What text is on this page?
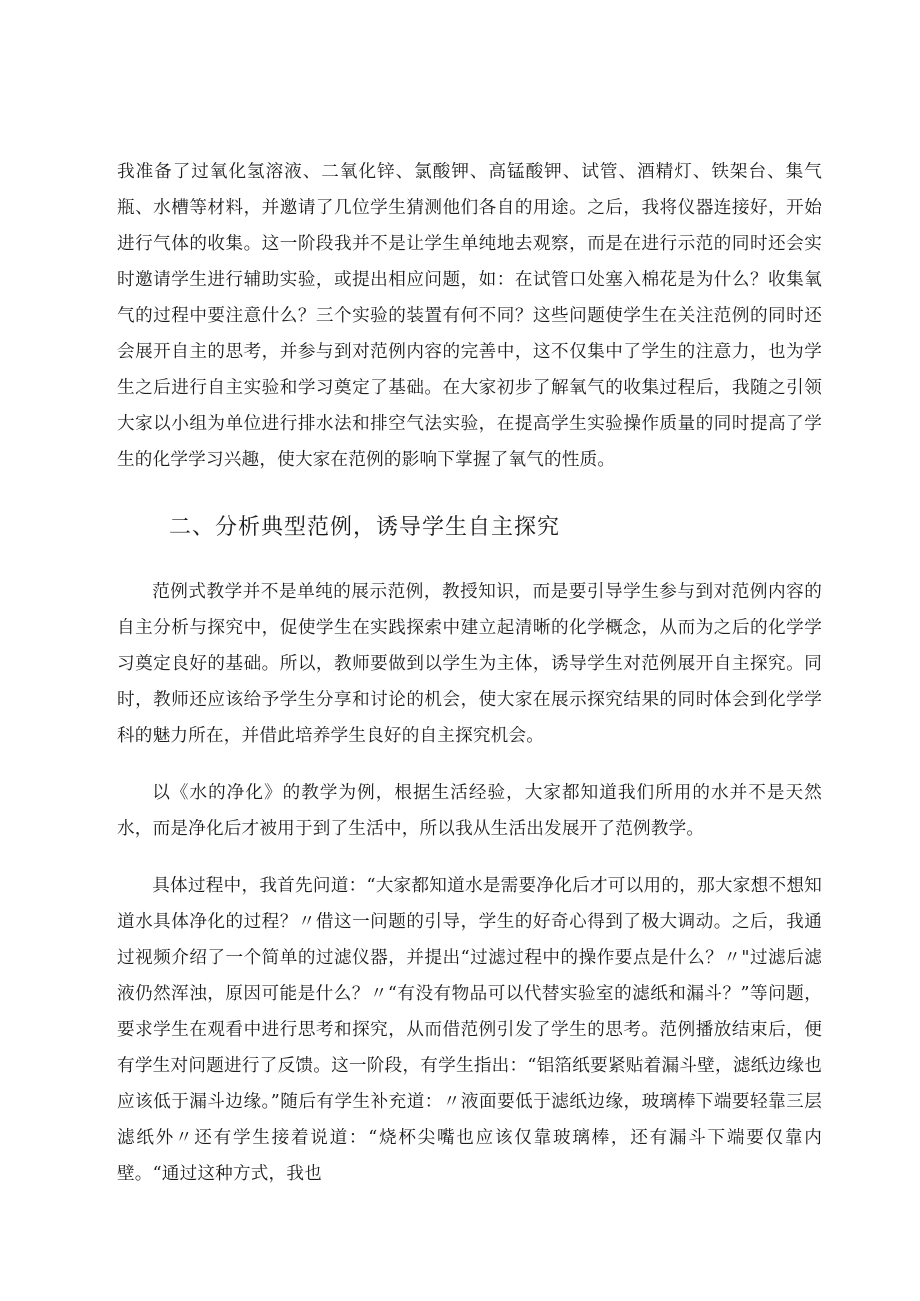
我准备了过氧化氢溶液、二氧化锌、氯酸钾、高锰酸钾、试管、酒精灯、铁架台、集气瓶、水槽等材料，并邀请了几位学生猜测他们各自的用途。之后，我将仪器连接好，开始进行气体的收集。这一阶段我并不是让学生单纯地去观察，而是在进行示范的同时还会实时邀请学生进行辅助实验，或提出相应问题，如：在试管口处塞入棉花是为什么？收集氧气的过程中要注意什么？三个实验的装置有何不同？这些问题使学生在关注范例的同时还会展开自主的思考，并参与到对范例内容的完善中，这不仅集中了学生的注意力，也为学生之后进行自主实验和学习奠定了基础。在大家初步了解氧气的收集过程后，我随之引领大家以小组为单位进行排水法和排空气法实验，在提高学生实验操作质量的同时提高了学生的化学学习兴趣，使大家在范例的影响下掌握了氧气的性质。

二、分析典型范例，诱导学生自主探究

范例式教学并不是单纯的展示范例，教授知识，而是要引导学生参与到对范例内容的自主分析与探究中，促使学生在实践探索中建立起清晰的化学概念，从而为之后的化学学习奠定良好的基础。所以，教师要做到以学生为主体，诱导学生对范例展开自主探究。同时，教师还应该给予学生分享和讨论的机会，使大家在展示探究结果的同时体会到化学学科的魅力所在，并借此培养学生良好的自主探究机会。

以《水的净化》的教学为例，根据生活经验，大家都知道我们所用的水并不是天然水，而是净化后才被用于到了生活中，所以我从生活出发展开了范例教学。

具体过程中，我首先问道：“大家都知道水是需要净化后才可以用的，那大家想不想知道水具体净化的过程？〃借这一问题的引导，学生的好奇心得到了极大调动。之后，我通过视频介绍了一个简单的过滤仪器，并提出“过滤过程中的操作要点是什么？〃"过滤后滤液仍然浑浊，原因可能是什么？〃“有没有物品可以代替实验室的滤纸和漏斗？”等问题，要求学生在观看中进行思考和探究，从而借范例引发了学生的思考。范例播放结束后，便有学生对问题进行了反馈。这一阶段，有学生指出：“铝箔纸要紧贴着漏斗壁，滤纸边缘也应该低于漏斗边缘。”随后有学生补充道：〃液面要低于滤纸边缘，玻璃棒下端要轻靠三层滤纸外〃还有学生接着说道：“烧杯尖嘴也应该仅靠玻璃棒，还有漏斗下端要仅靠内壁。“通过这种方式，我也
